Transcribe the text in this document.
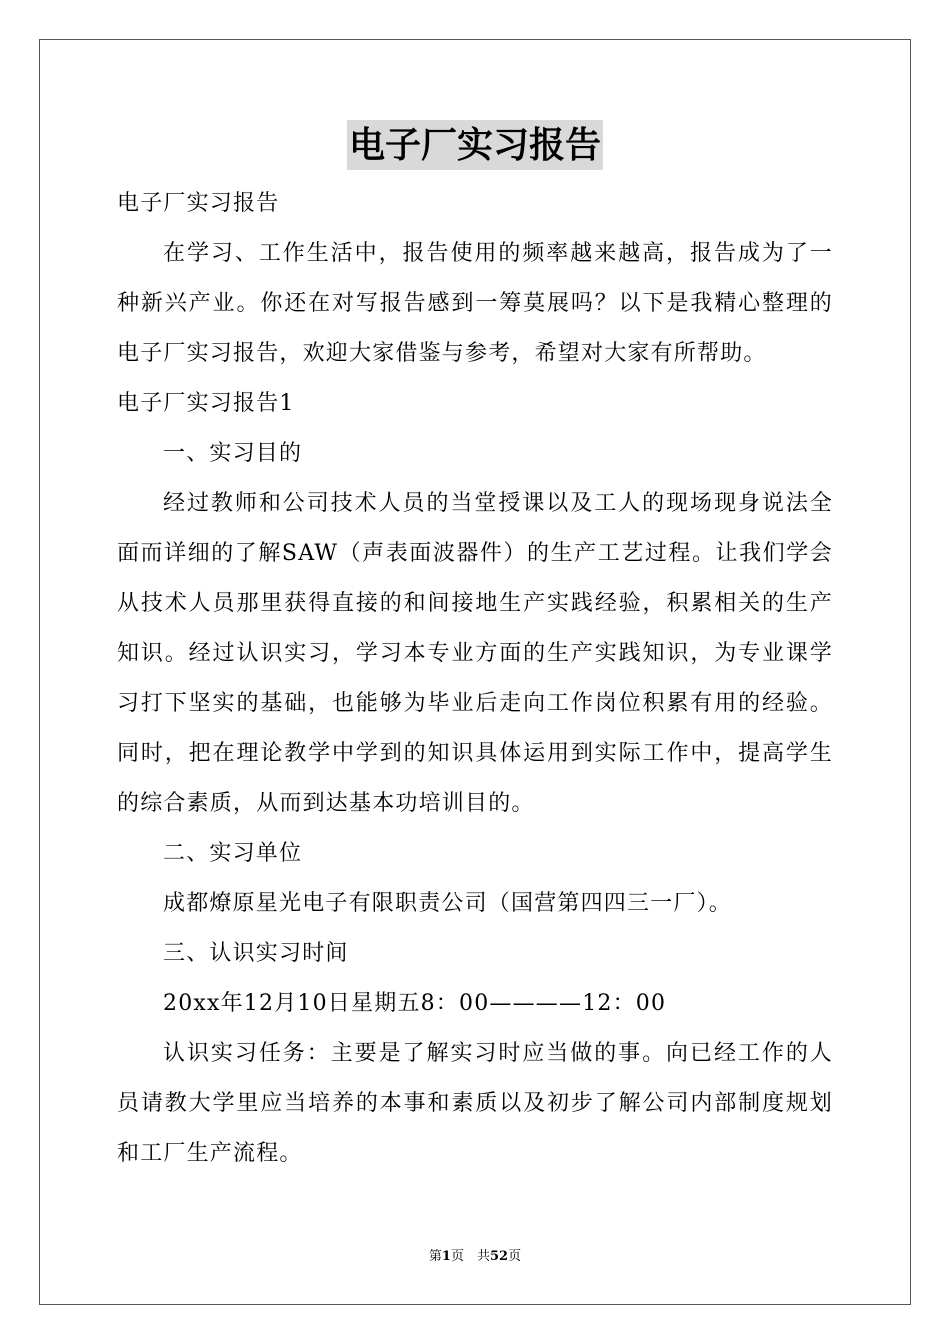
电子厂实习报告

电子厂实习报告

在学习、工作生活中，报告使用的频率越来越高，报告成为了一种新兴产业。你还在对写报告感到一筹莫展吗？以下是我精心整理的电子厂实习报告，欢迎大家借鉴与参考，希望对大家有所帮助。

电子厂实习报告1

一、实习目的

经过教师和公司技术人员的当堂授课以及工人的现场现身说法全面而详细的了解SAW（声表面波器件）的生产工艺过程。让我们学会从技术人员那里获得直接的和间接地生产实践经验，积累相关的生产知识。经过认识实习，学习本专业方面的生产实践知识，为专业课学习打下坚实的基础，也能够为毕业后走向工作岗位积累有用的经验。同时，把在理论教学中学到的知识具体运用到实际工作中，提高学生的综合素质，从而到达基本功培训目的。

二、实习单位

成都燎原星光电子有限职责公司（国营第四四三一厂）。

三、认识实习时间

20xx年12月10日星期五8：00————12：00

认识实习任务：主要是了解实习时应当做的事。向已经工作的人员请教大学里应当培养的本事和素质以及初步了解公司内部制度规划和工厂生产流程。

第1页　共52页
